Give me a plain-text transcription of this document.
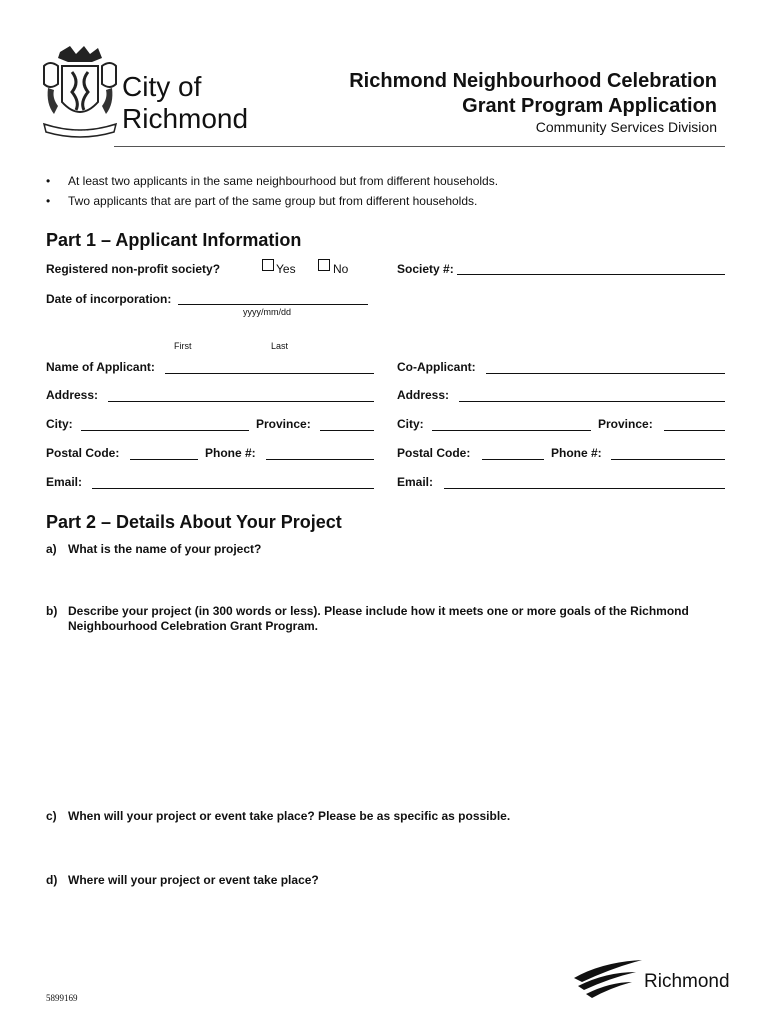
· · · · · ·
City of
Richmond
Richmond Neighbourhood Celebration
Grant Program Application
Community Services Division
• At least two applicants in the same neighbourhood but from different households.
• Two applicants that are part of the same group but from different households.
Part 1 – Applicant Information
Registered non-profit society?	Yes	No	Society #:
Date of incorporation:
yyyy/mm/dd
First	Last
Name of Applicant:
Address:
City:	Province:
Postal Code:	Phone #:
Email:
Co-Applicant:
Address:
City:	Province:
Postal Code:	Phone #:
Email:
Part 2 – Details About Your Project
a) What is the name of your project?
b) Describe your project (in 300 words or less). Please include how it meets one or more goals of the Richmond
Neighbourhood Celebration Grant Program.
c) When will your project or event take place? Please be as specific as possible.
d) Where will your project or event take place?
5899169
Richmond
